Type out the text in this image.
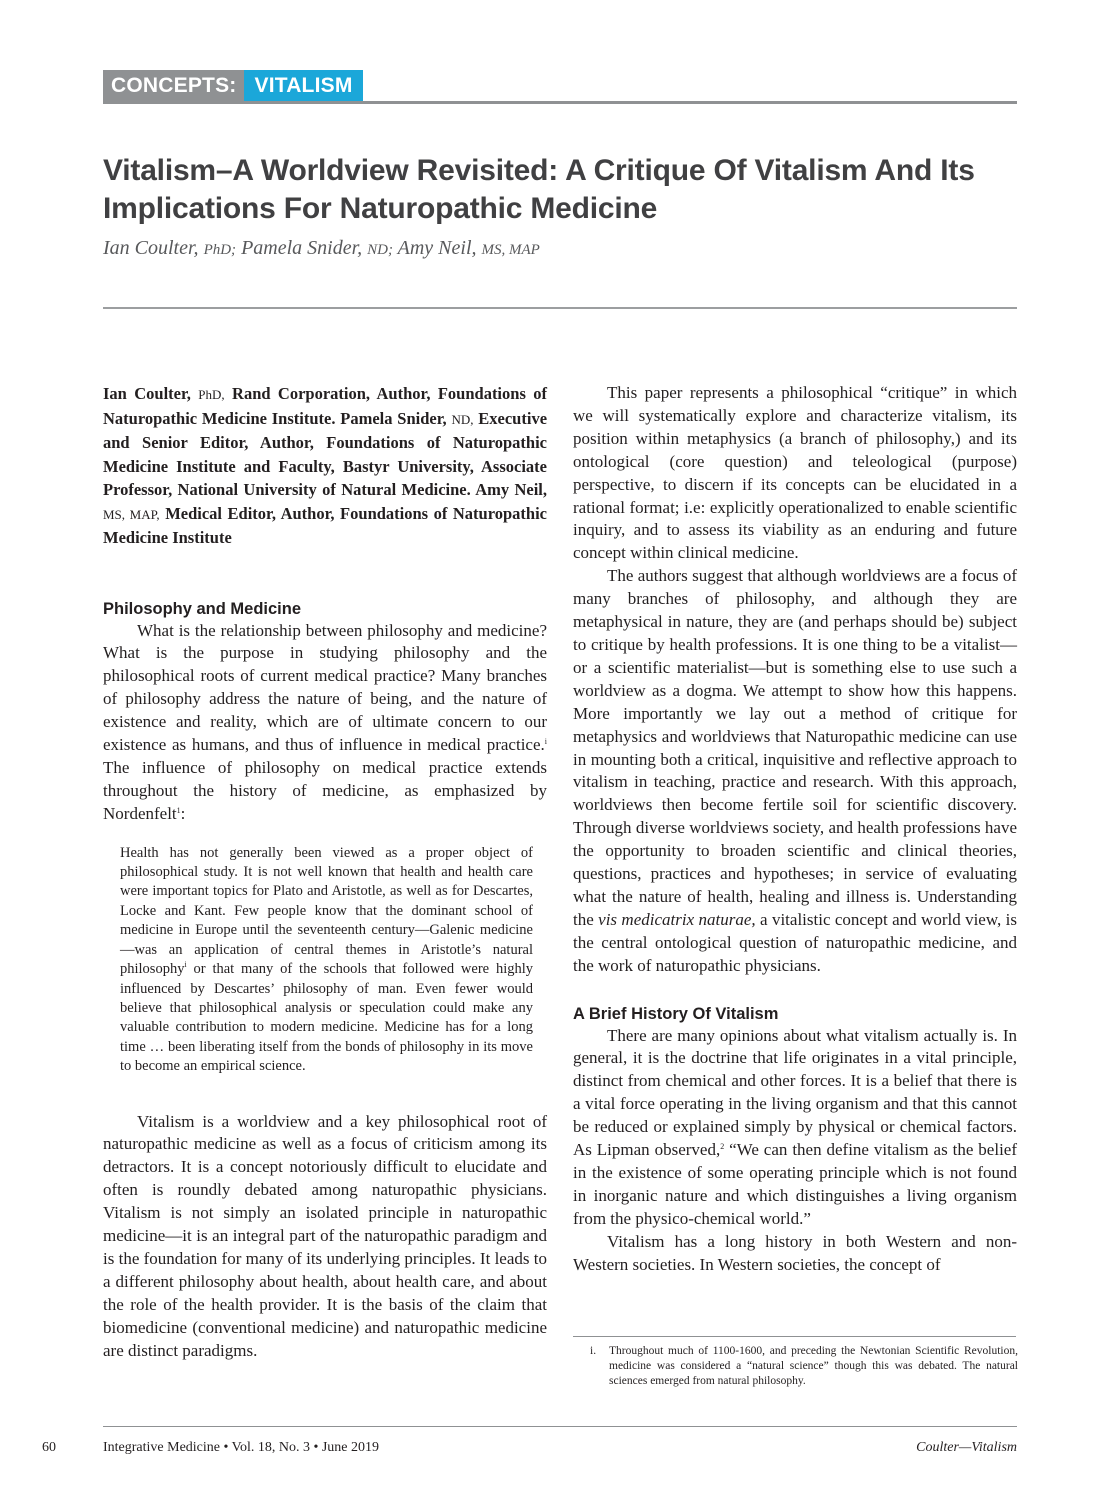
CONCEPTS: VITALISM
Vitalism–A Worldview Revisited: A Critique Of Vitalism And Its Implications For Naturopathic Medicine
Ian Coulter, PhD; Pamela Snider, ND; Amy Neil, MS, MAP

Ian Coulter, PhD, Rand Corporation, Author, Foundations of Naturopathic Medicine Institute. Pamela Snider, ND, Executive and Senior Editor, Author, Foundations of Naturopathic Medicine Institute and Faculty, Bastyr University, Associate Professor, National University of Natural Medicine. Amy Neil, MS, MAP, Medical Editor, Author, Foundations of Naturopathic Medicine Institute

Philosophy and Medicine

What is the relationship between philosophy and medicine? What is the purpose in studying philosophy and the philosophical roots of current medical practice? Many branches of philosophy address the nature of being, and the nature of existence and reality, which are of ultimate concern to our existence as humans, and thus of influence in medical practice.$^i$ The influence of philosophy on medical practice extends throughout the history of medicine, as emphasized by Nordenfelt$^1$:

Health has not generally been viewed as a proper object of philosophical study. It is not well known that health and health care were important topics for Plato and Aristotle, as well as for Descartes, Locke and Kant. Few people know that the dominant school of medicine in Europe until the seventeenth century—Galenic medicine—was an application of central themes in Aristotle’s natural philosophy$^i$ or that many of the schools that followed were highly influenced by Descartes’ philosophy of man. Even fewer would believe that philosophical analysis or speculation could make any valuable contribution to modern medicine. Medicine has for a long time … been liberating itself from the bonds of philosophy in its move to become an empirical science.

Vitalism is a worldview and a key philosophical root of naturopathic medicine as well as a focus of criticism among its detractors. It is a concept notoriously difficult to elucidate and often is roundly debated among naturopathic physicians. Vitalism is not simply an isolated principle in naturopathic medicine—it is an integral part of the naturopathic paradigm and is the foundation for many of its underlying principles. It leads to a different philosophy about health, about health care, and about the role of the health provider. It is the basis of the claim that biomedicine (conventional medicine) and naturopathic medicine are distinct paradigms.

This paper represents a philosophical “critique” in which we will systematically explore and characterize vitalism, its position within metaphysics (a branch of philosophy,) and its ontological (core question) and teleological (purpose) perspective, to discern if its concepts can be elucidated in a rational format; i.e: explicitly operationalized to enable scientific inquiry, and to assess its viability as an enduring and future concept within clinical medicine.

The authors suggest that although worldviews are a focus of many branches of philosophy, and although they are metaphysical in nature, they are (and perhaps should be) subject to critique by health professions. It is one thing to be a vitalist—or a scientific materialist—but is something else to use such a worldview as a dogma. We attempt to show how this happens. More importantly we lay out a method of critique for metaphysics and worldviews that Naturopathic medicine can use in mounting both a critical, inquisitive and reflective approach to vitalism in teaching, practice and research. With this approach, worldviews then become fertile soil for scientific discovery. Through diverse worldviews society, and health professions have the opportunity to broaden scientific and clinical theories, questions, practices and hypotheses; in service of evaluating what the nature of health, healing and illness is. Understanding the vis medicatrix naturae, a vitalistic concept and world view, is the central ontological question of naturopathic medicine, and the work of naturopathic physicians.

A Brief History Of Vitalism

There are many opinions about what vitalism actually is. In general, it is the doctrine that life originates in a vital principle, distinct from chemical and other forces. It is a belief that there is a vital force operating in the living organism and that this cannot be reduced or explained simply by physical or chemical factors. As Lipman observed,$^2$ “We can then define vitalism as the belief in the existence of some operating principle which is not found in inorganic nature and which distinguishes a living organism from the physico-chemical world.”

Vitalism has a long history in both Western and non-Western societies. In Western societies, the concept of

i. Throughout much of 1100-1600, and preceding the Newtonian Scientific Revolution, medicine was considered a “natural science” though this was debated. The natural sciences emerged from natural philosophy.
60	Integrative Medicine • Vol. 18, No. 3 • June 2019	Coulter—Vitalism
